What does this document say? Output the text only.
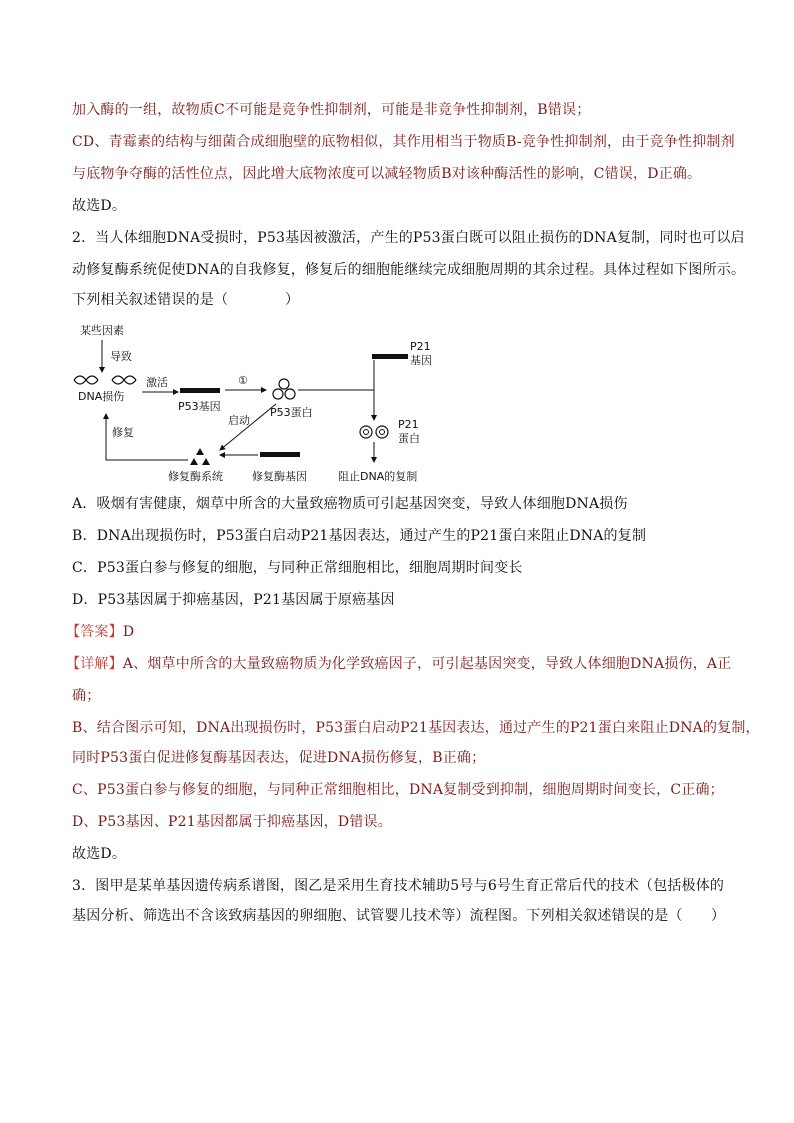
加入酶的一组，故物质C不可能是竞争性抑制剂，可能是非竞争性抑制剂，B错误；
CD、青霉素的结构与细菌合成细胞壁的底物相似，其作用相当于物质B-竞争性抑制剂，由于竞争性抑制剂
与底物争夺酶的活性位点，因此增大底物浓度可以减轻物质B对该种酶活性的影响，C错误，D正确。
故选D。
2．当人体细胞DNA受损时，P53基因被激活，产生的P53蛋白既可以阻止损伤的DNA复制，同时也可以启
动修复酶系统促使DNA的自我修复，修复后的细胞能继续完成细胞周期的其余过程。具体过程如下图所示。
下列相关叙述错误的是（　　　　）
某些因素
导致
DNA损伤
激活
P53基因
①
P53蛋白
P21
基因
P21
蛋白
阻止DNA的复制
启动
修复酶基因
修复酶系统
修复
A．吸烟有害健康，烟草中所含的大量致癌物质可引起基因突变，导致人体细胞DNA损伤
B．DNA出现损伤时，P53蛋白启动P21基因表达，通过产生的P21蛋白来阻止DNA的复制
C．P53蛋白参与修复的细胞，与同种正常细胞相比，细胞周期时间变长
D．P53基因属于抑癌基因，P21基因属于原癌基因
【答案】D
【详解】A、烟草中所含的大量致癌物质为化学致癌因子，可引起基因突变，导致人体细胞DNA损伤，A正
确；
B、结合图示可知，DNA出现损伤时，P53蛋白启动P21基因表达，通过产生的P21蛋白来阻止DNA的复制，
同时P53蛋白促进修复酶基因表达，促进DNA损伤修复，B正确；
C、P53蛋白参与修复的细胞，与同种正常细胞相比，DNA复制受到抑制，细胞周期时间变长，C正确；
D、P53基因、P21基因都属于抑癌基因，D错误。
故选D。
3．图甲是某单基因遗传病系谱图，图乙是采用生育技术辅助5号与6号生育正常后代的技术（包括极体的
基因分析、筛选出不含该致病基因的卵细胞、试管婴儿技术等）流程图。下列相关叙述错误的是（　　）
